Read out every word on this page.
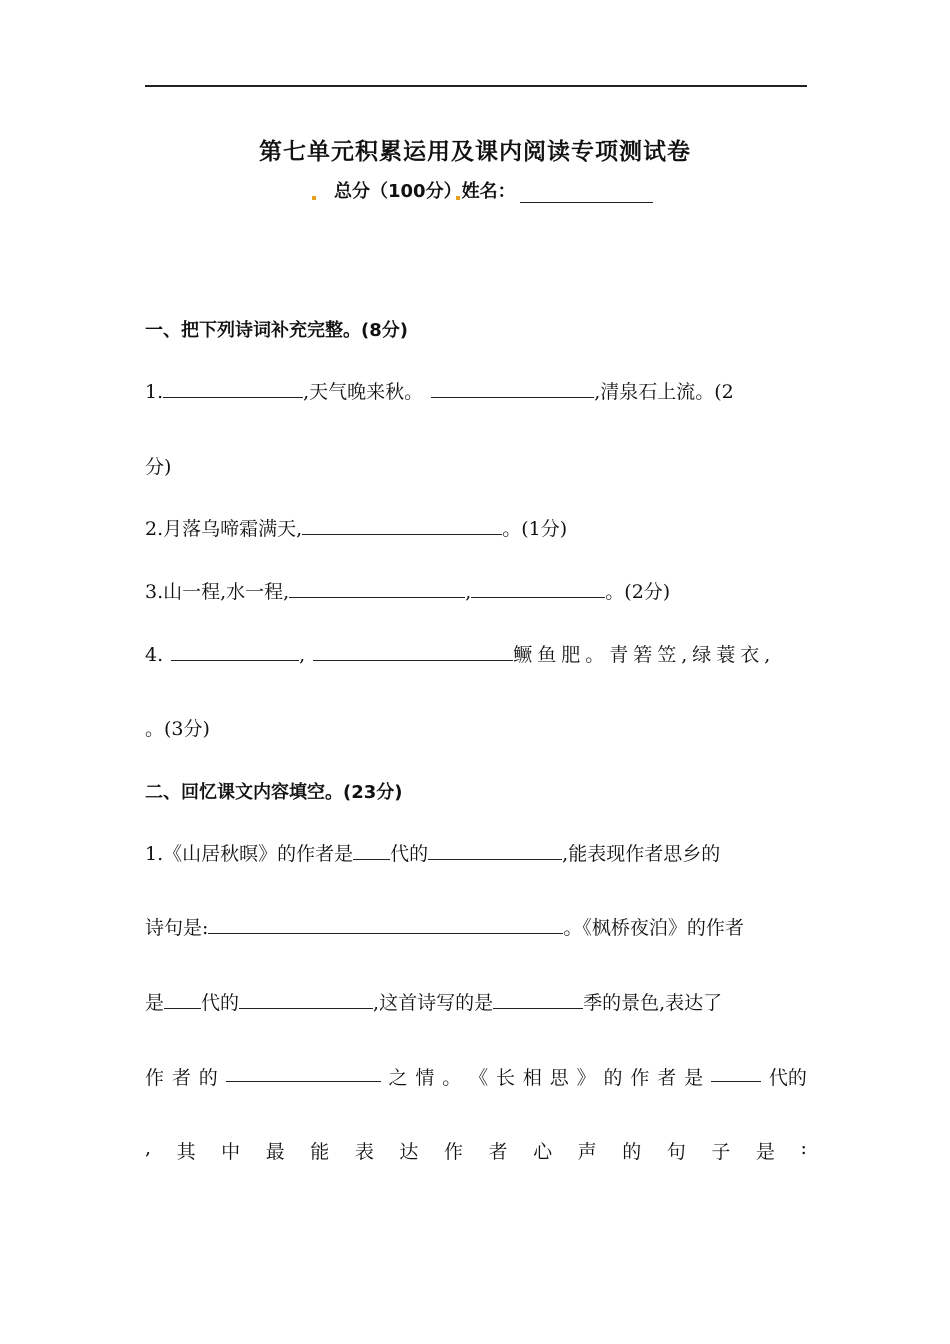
第七单元积累运用及课内阅读专项测试卷
总分（100分）姓名：
一、把下列诗词补充完整。(8分)
1.	,天气晚来秋。	,清泉石上流。(2
分)
2.月落乌啼霜满天,	。(1分)
3.山一程,水一程,	,	。(2分)
4.	,	鳜鱼肥。青箬笠,绿蓑衣,
。(3分)
二、回忆课文内容填空。(23分)
1.《山居秋暝》的作者是 代的	,能表现作者思乡的
诗句是:	。《枫桥夜泊》的作者
是 代的	,这首诗写的是	季的景色,表达了
作 者 的	之 情 。 《 长 相 思 》 的 作 者 是	代的
, 其 中 最 能 表 达 作 者 心 声 的 句 子 是 :
